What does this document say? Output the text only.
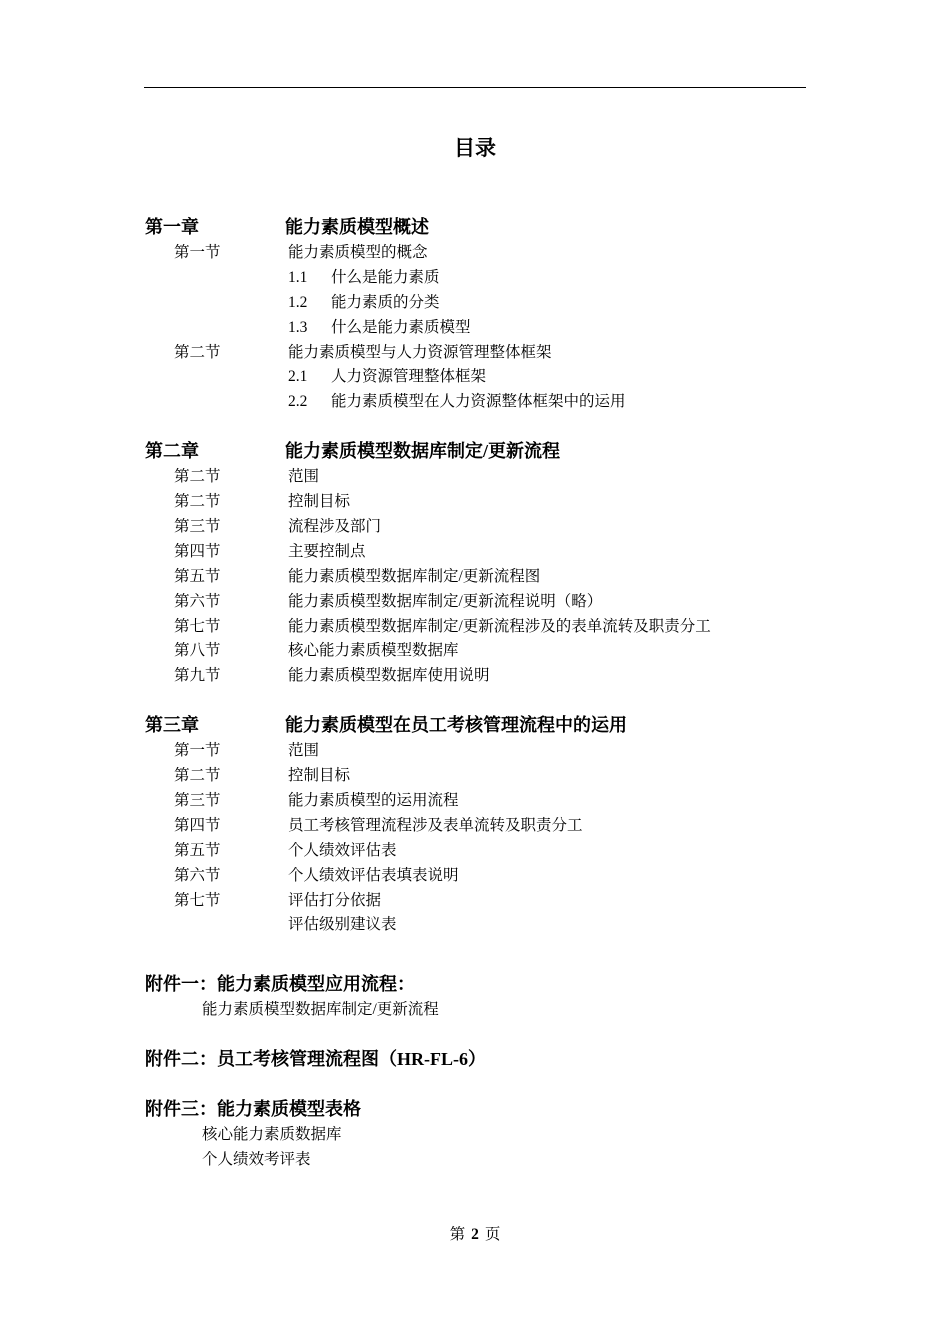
目录
第一章	能力素质模型概述
第一节	能力素质模型的概念
1.1 什么是能力素质
1.2 能力素质的分类
1.3 什么是能力素质模型
第二节	能力素质模型与人力资源管理整体框架
2.1 人力资源管理整体框架
2.2 能力素质模型在人力资源整体框架中的运用
第二章	能力素质模型数据库制定/更新流程
第二节	范围
第二节	控制目标
第三节	流程涉及部门
第四节	主要控制点
第五节	能力素质模型数据库制定/更新流程图
第六节	能力素质模型数据库制定/更新流程说明（略）
第七节	能力素质模型数据库制定/更新流程涉及的表单流转及职责分工
第八节	核心能力素质模型数据库
第九节	能力素质模型数据库使用说明
第三章	能力素质模型在员工考核管理流程中的运用
第一节	范围
第二节	控制目标
第三节	能力素质模型的运用流程
第四节	员工考核管理流程涉及表单流转及职责分工
第五节	个人绩效评估表
第六节	个人绩效评估表填表说明
第七节	评估打分依据
评估级别建议表
附件一：能力素质模型应用流程：
能力素质模型数据库制定/更新流程
附件二：员工考核管理流程图（HR-FL-6）
附件三：能力素质模型表格
核心能力素质数据库
个人绩效考评表
第 2 页
